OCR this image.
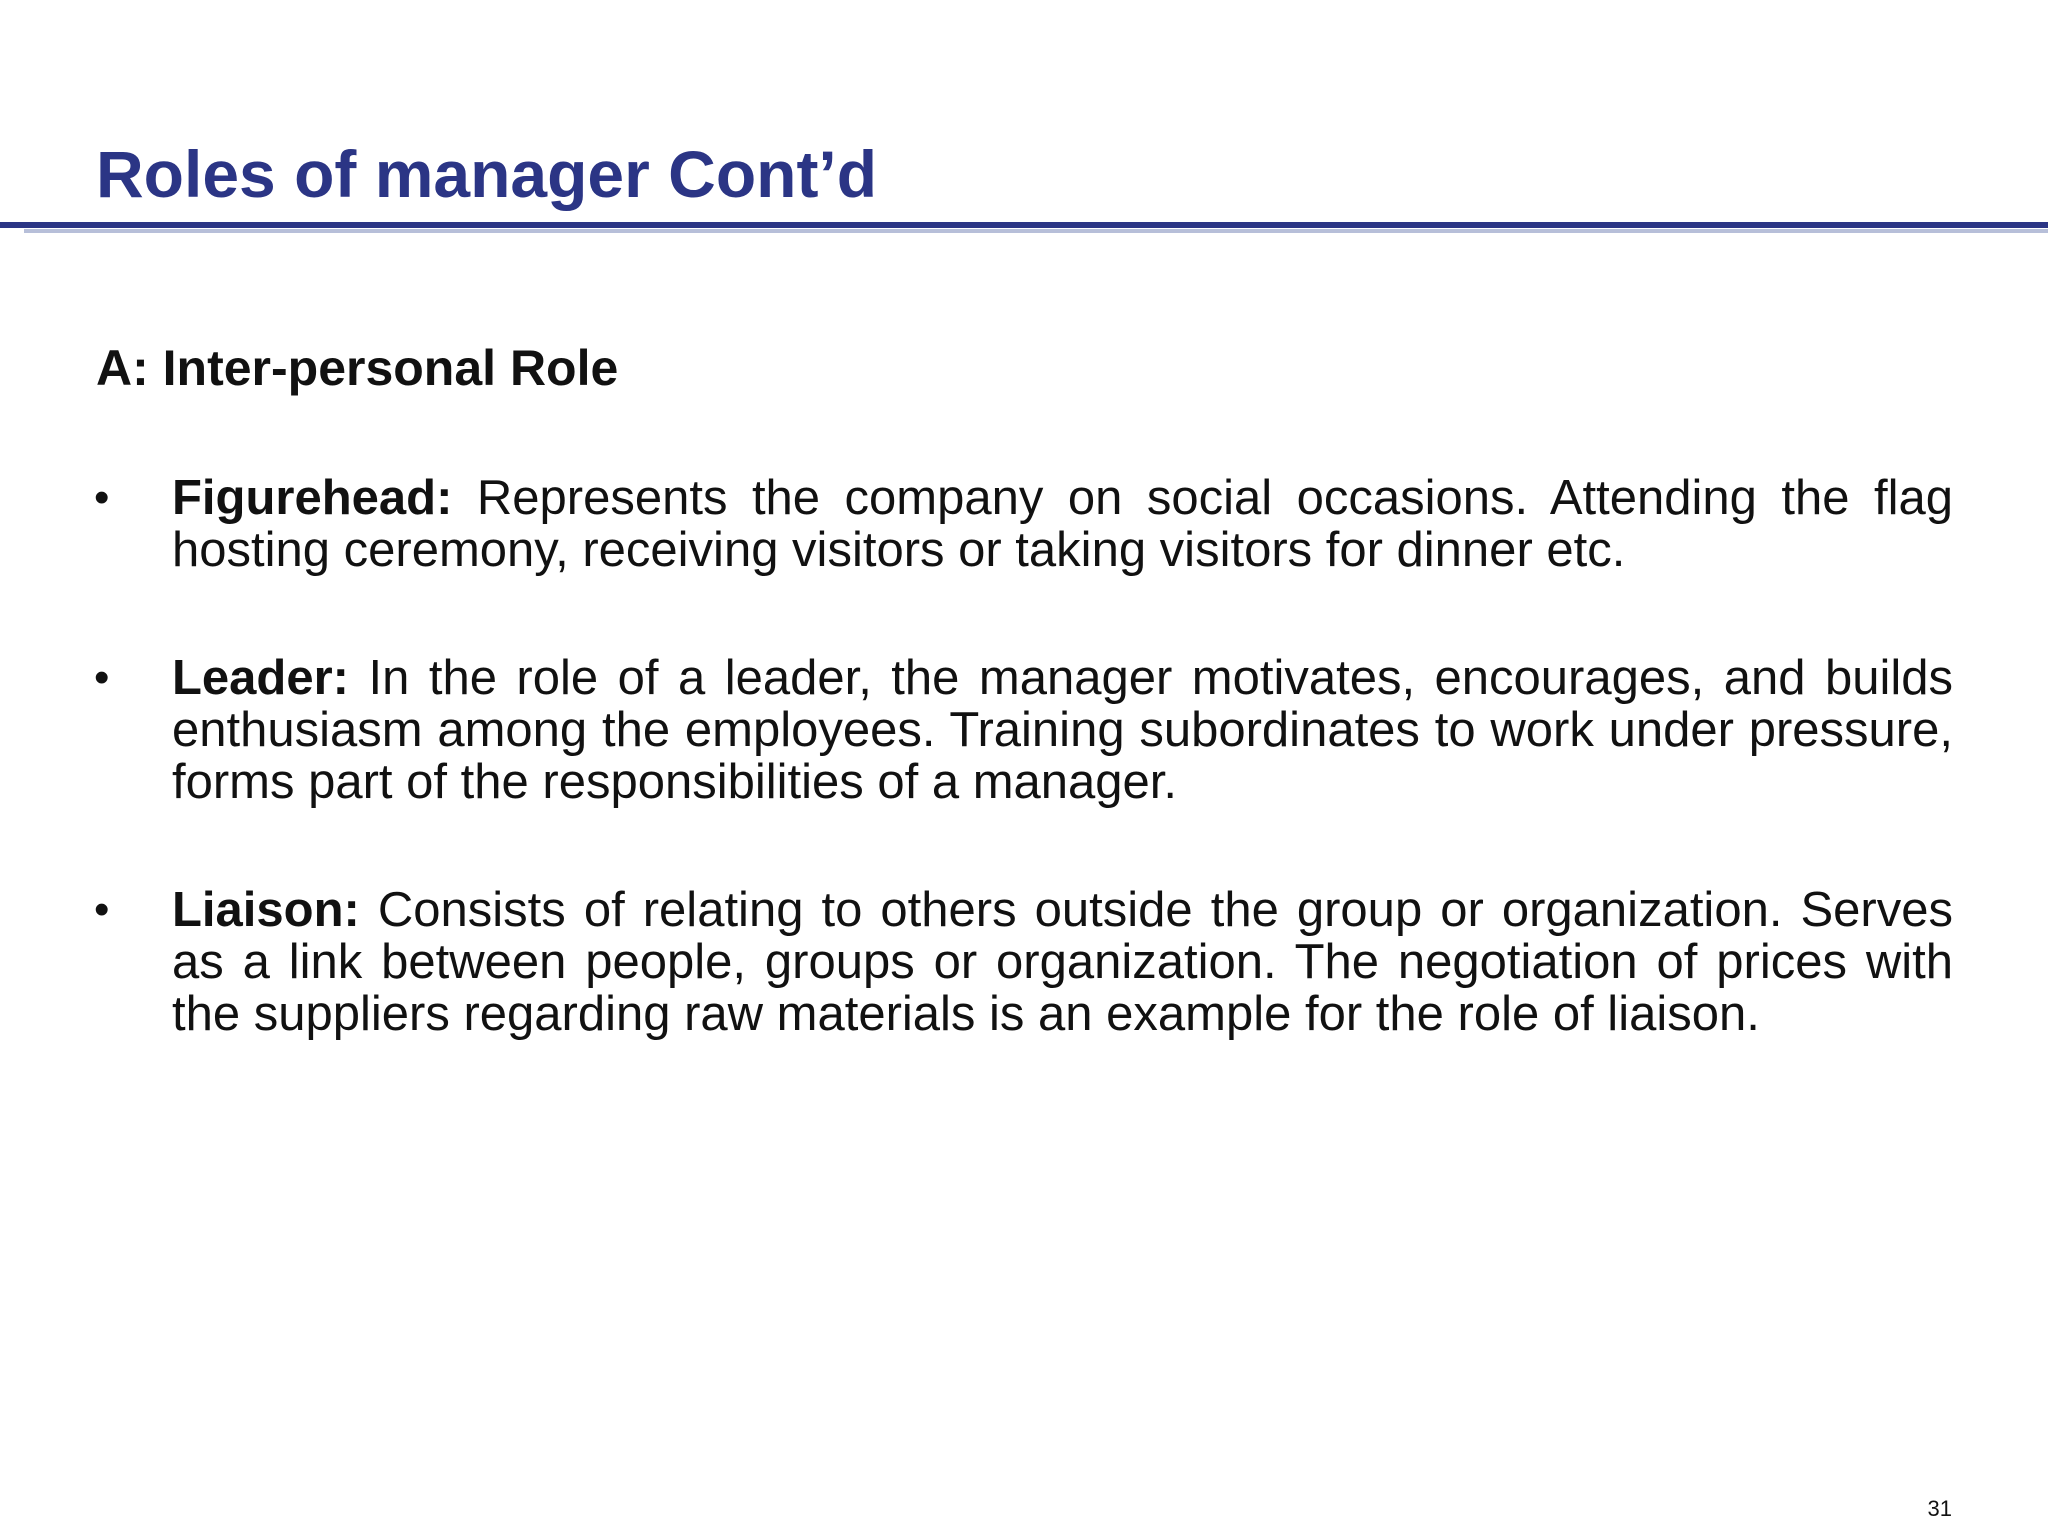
Roles of manager Cont’d
A: Inter-personal Role
• Figurehead: Represents the company on social occasions. Attending the flag hosting ceremony, receiving visitors or taking visitors for dinner etc.
• Leader: In the role of a leader, the manager motivates, encourages, and builds enthusiasm among the employees. Training subordinates to work under pressure, forms part of the responsibilities of a manager.
• Liaison: Consists of relating to others outside the group or organization. Serves as a link between people, groups or organization. The negotiation of prices with the suppliers regarding raw materials is an example for the role of liaison.
31
